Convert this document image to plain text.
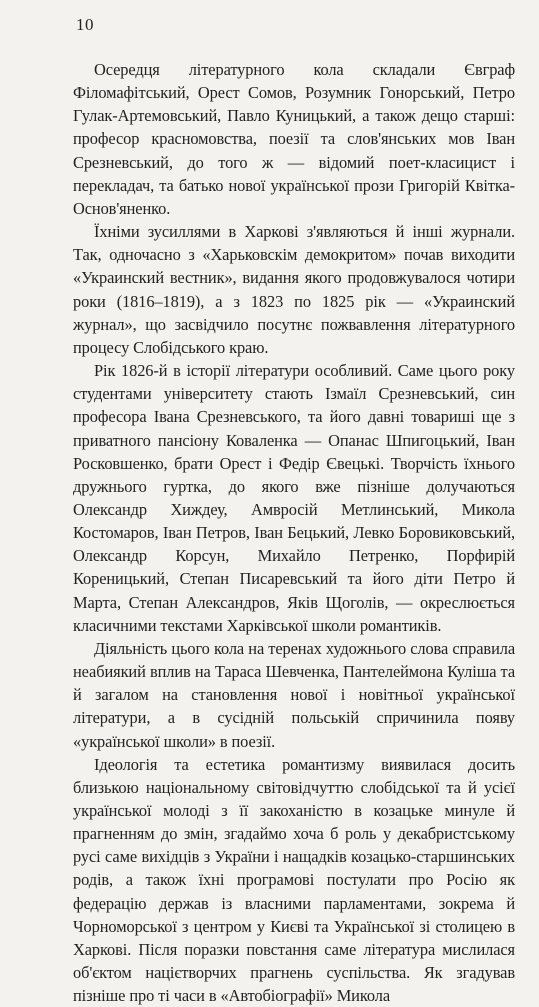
10

Осередця літературного кола складали Євграф Філомафітський, Орест Сомов, Розумник Гонорський, Петро Гулак-Артемовський, Павло Куницький, а також дещо старші: професор красномовства, поезії та слов'янських мов Іван Срезневський, до того ж — відомий поет-класицист і перекладач, та батько нової української прози Григорій Квітка-Основ'яненко.

Їхніми зусиллями в Харкові з'являються й інші журнали. Так, одночасно з «Харьковскім демокритом» почав виходити «Украинский вестник», видання якого продовжувалося чотири роки (1816–1819), а з 1823 по 1825 рік — «Украинский журнал», що засвідчило посутнє пожвавлення літературного процесу Слобідського краю.

Рік 1826-й в історії літератури особливий. Саме цього року студентами університету стають Ізмаїл Срезневський, син професора Івана Срезневського, та його давні товариші ще з приватного пансіону Коваленка — Опанас Шпигоцький, Іван Росковшенко, брати Орест і Федір Євецькі. Творчість їхнього дружнього гуртка, до якого вже пізніше долучаються Олександр Хиждеу, Амвросій Метлинський, Микола Костомаров, Іван Петров, Іван Бецький, Левко Боровиковський, Олександр Корсун, Михайло Петренко, Порфирій Кореницький, Степан Писаревський та його діти Петро й Марта, Степан Александров, Яків Щоголів, — окреслюється класичними текстами Харківської школи романтиків.

Діяльність цього кола на теренах художнього слова справила неабиякий вплив на Тараса Шевченка, Пантелеймона Куліша та й загалом на становлення нової і новітньої української літератури, а в сусідній польській спричинила появу «української школи» в поезії.

Ідеологія та естетика романтизму виявилася досить близькою національному світовідчуттю слобідської та й усієї української молоді з її закоханістю в козацьке минуле й прагненням до змін, згадаймо хоча б роль у декабристському русі саме вихідців з України і нащадків козацько-старшинських родів, а також їхні програмові постулати про Росію як федерацію держав із власними парламентами, зокрема й Чорноморської з центром у Києві та Української зі столицею в Харкові. Після поразки повстання саме література мислилася об'єктом націєтворчих прагнень суспільства. Як згадував пізніше про ті часи в «Автобіографії» Микола
